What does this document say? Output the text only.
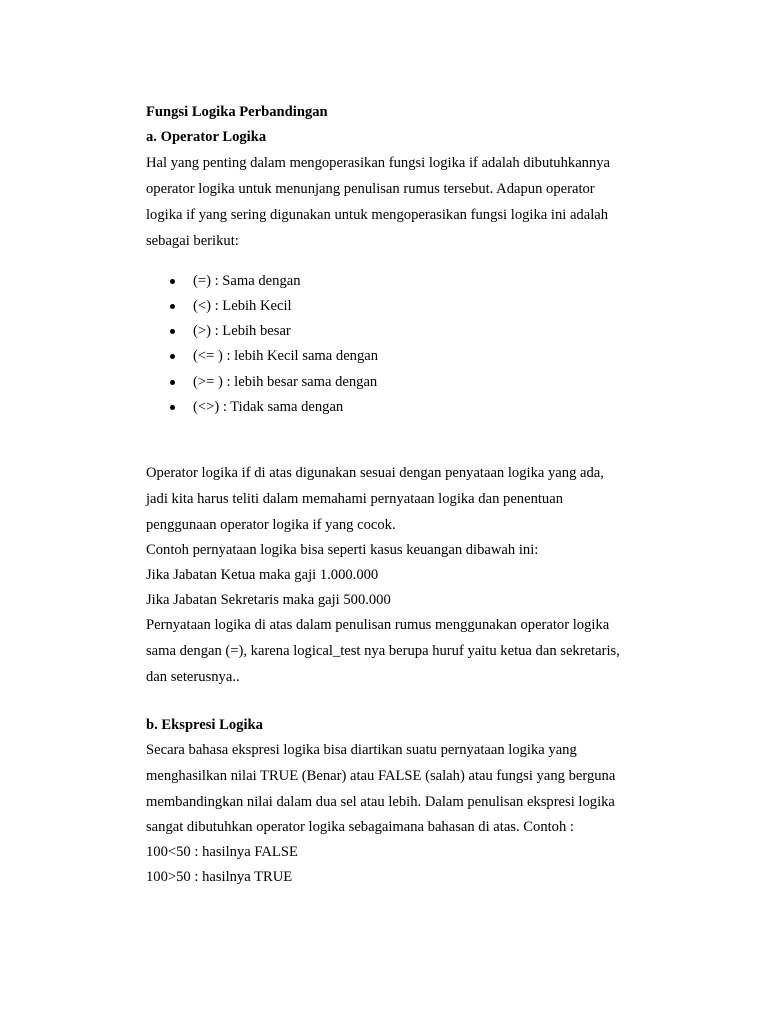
Fungsi Logika Perbandingan
a. Operator Logika
Hal yang penting dalam mengoperasikan fungsi logika if adalah dibutuhkannya
operator logika untuk menunjang penulisan rumus tersebut. Adapun operator
logika if yang sering digunakan untuk mengoperasikan fungsi logika ini adalah
sebagai berikut:
(=) : Sama dengan
(<) : Lebih Kecil
(>) : Lebih besar
(<= ) : lebih Kecil sama dengan
(>= ) : lebih besar sama dengan
(<>) : Tidak sama dengan
Operator logika if di atas digunakan sesuai dengan penyataan logika yang ada,
jadi kita harus teliti dalam memahami pernyataan logika dan penentuan
penggunaan operator logika if yang cocok.
Contoh pernyataan logika bisa seperti kasus keuangan dibawah ini:
Jika Jabatan Ketua maka gaji 1.000.000
Jika Jabatan Sekretaris maka gaji 500.000
Pernyataan logika di atas dalam penulisan rumus menggunakan operator logika
sama dengan (=), karena logical_test nya berupa huruf yaitu ketua dan sekretaris,
dan seterusnya..
b. Ekspresi Logika
Secara bahasa ekspresi logika bisa diartikan suatu pernyataan logika yang
menghasilkan nilai TRUE (Benar) atau FALSE (salah) atau fungsi yang berguna
membandingkan nilai dalam dua sel atau lebih. Dalam penulisan ekspresi logika
sangat dibutuhkan operator logika sebagaimana bahasan di atas. Contoh :
100<50 : hasilnya FALSE
100>50 : hasilnya TRUE
